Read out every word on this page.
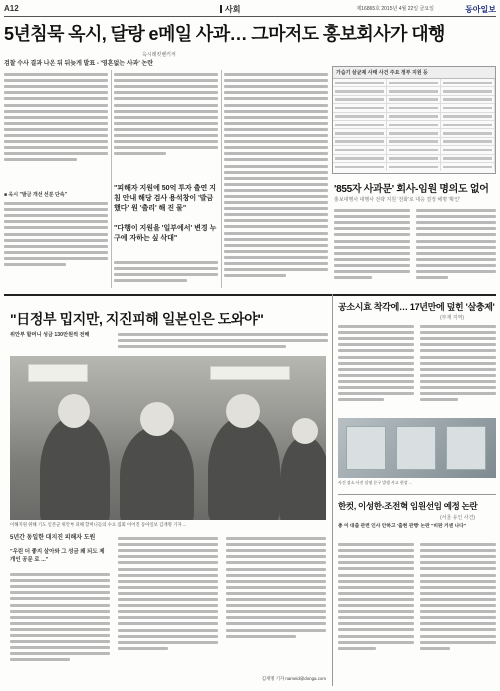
A12	사회	제16865호 2015년 4월 22일 금요일	동아일보
5년침묵 옥시, 달랑 e메일 사과… 그마저도 홍보회사가 대행
옥시레킷벤키저
검찰 수사 결과 나온 뒤 뒤늦게 발표 - '영혼없는 사과' 논란
■ 옥시 "발금 개선 선분 단속"
"피해자 지원에 50억 투자 출연 지침 안내 해당 검사 용석창이 '발금했다' 원 '출리' 해 진 물"
"다행이 지원을 '일부에서' 변경 누구에 자하는 싶 삭대"
가습기 살균제 사태 사건 주요 정부 지원 등
'855자 사과문' 회사-임원 명의도 없어
홍보대행사 대행사 전략 지원 '전화'로 대응 결정 해명 '확인'
"日정부 밉지만, 지진피해 일본인은 도와야"
위안부 할머니 성금 130만원씩 전해
이해지원 위해 기도 일본군 위안부 피해 할머니들의 수요 집회 이어진 동아일보 김재명 기자 ...
5년간 동일한 대지진 피해자 도원
"우린 더 좋지 살아와 그 성금 왜 되도 제 개인 공문 로 ..."
김재명 기자 nameid@donga.com
공소시효 착각에… 17년만에 덮힌 '살충제'
(부재 지역)
사건 장소 사진 설명 문구 발생 사고 현장 ...
한컷, 이성한-조전혁 임원선임 예정 논란
(서울 유인 사건)
총 이 대출 관련 인사 안하고 '출현 관행' 논란 "비판 거센 나다"
